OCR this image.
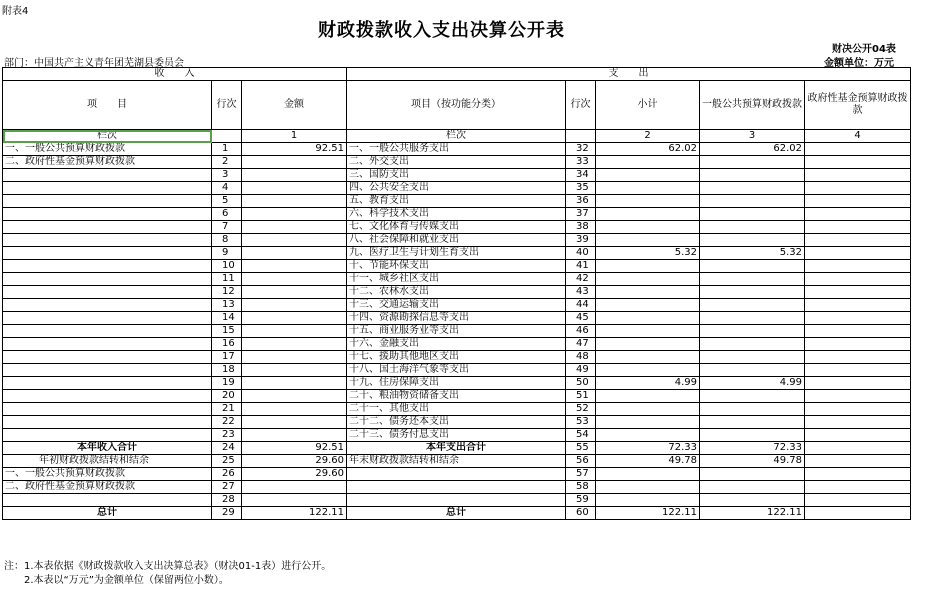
附表4
财政拨款收入支出决算公开表
财决公开04表
金额单位：万元
部门：中国共产主义青年团芜湖县委员会
收　　入			支　　出				
项　　目	行次	金额	项目（按功能分类）	行次	小计	一般公共预算财政拨款	政府性基金预算财政拨款
栏次		1	栏次		2	3	4
一、一般公共预算财政拨款	1	92.51	一、一般公共服务支出	32	62.02	62.02	
二、政府性基金预算财政拨款	2		二、外交支出	33			
	3		三、国防支出	34			
	4		四、公共安全支出	35			
	5		五、教育支出	36			
	6		六、科学技术支出	37			
	7		七、文化体育与传媒支出	38			
	8		八、社会保障和就业支出	39			
	9		九、医疗卫生与计划生育支出	40	5.32	5.32	
	10		十、节能环保支出	41			
	11		十一、城乡社区支出	42			
	12		十二、农林水支出	43			
	13		十三、交通运输支出	44			
	14		十四、资源勘探信息等支出	45			
	15		十五、商业服务业等支出	46			
	16		十六、金融支出	47			
	17		十七、援助其他地区支出	48			
	18		十八、国土海洋气象等支出	49			
	19		十九、住房保障支出	50	4.99	4.99	
	20		二十、粮油物资储备支出	51			
	21		二十一、其他支出	52			
	22		二十二、债务还本支出	53			
	23		二十三、债务付息支出	54			
本年收入合计	24	92.51	本年支出合计	55	72.33	72.33	
年初财政拨款结转和结余	25	29.60	年末财政拨款结转和结余	56	49.78	49.78	
一、一般公共预算财政拨款	26	29.60		57			
二、政府性基金预算财政拨款	27			58			
	28			59			
总计	29	122.11	总计	60	122.11	122.11	
注：1.本表依据《财政拨款收入支出决算总表》（财决01-1表）进行公开。
　　2.本表以“万元”为金额单位（保留两位小数）。
